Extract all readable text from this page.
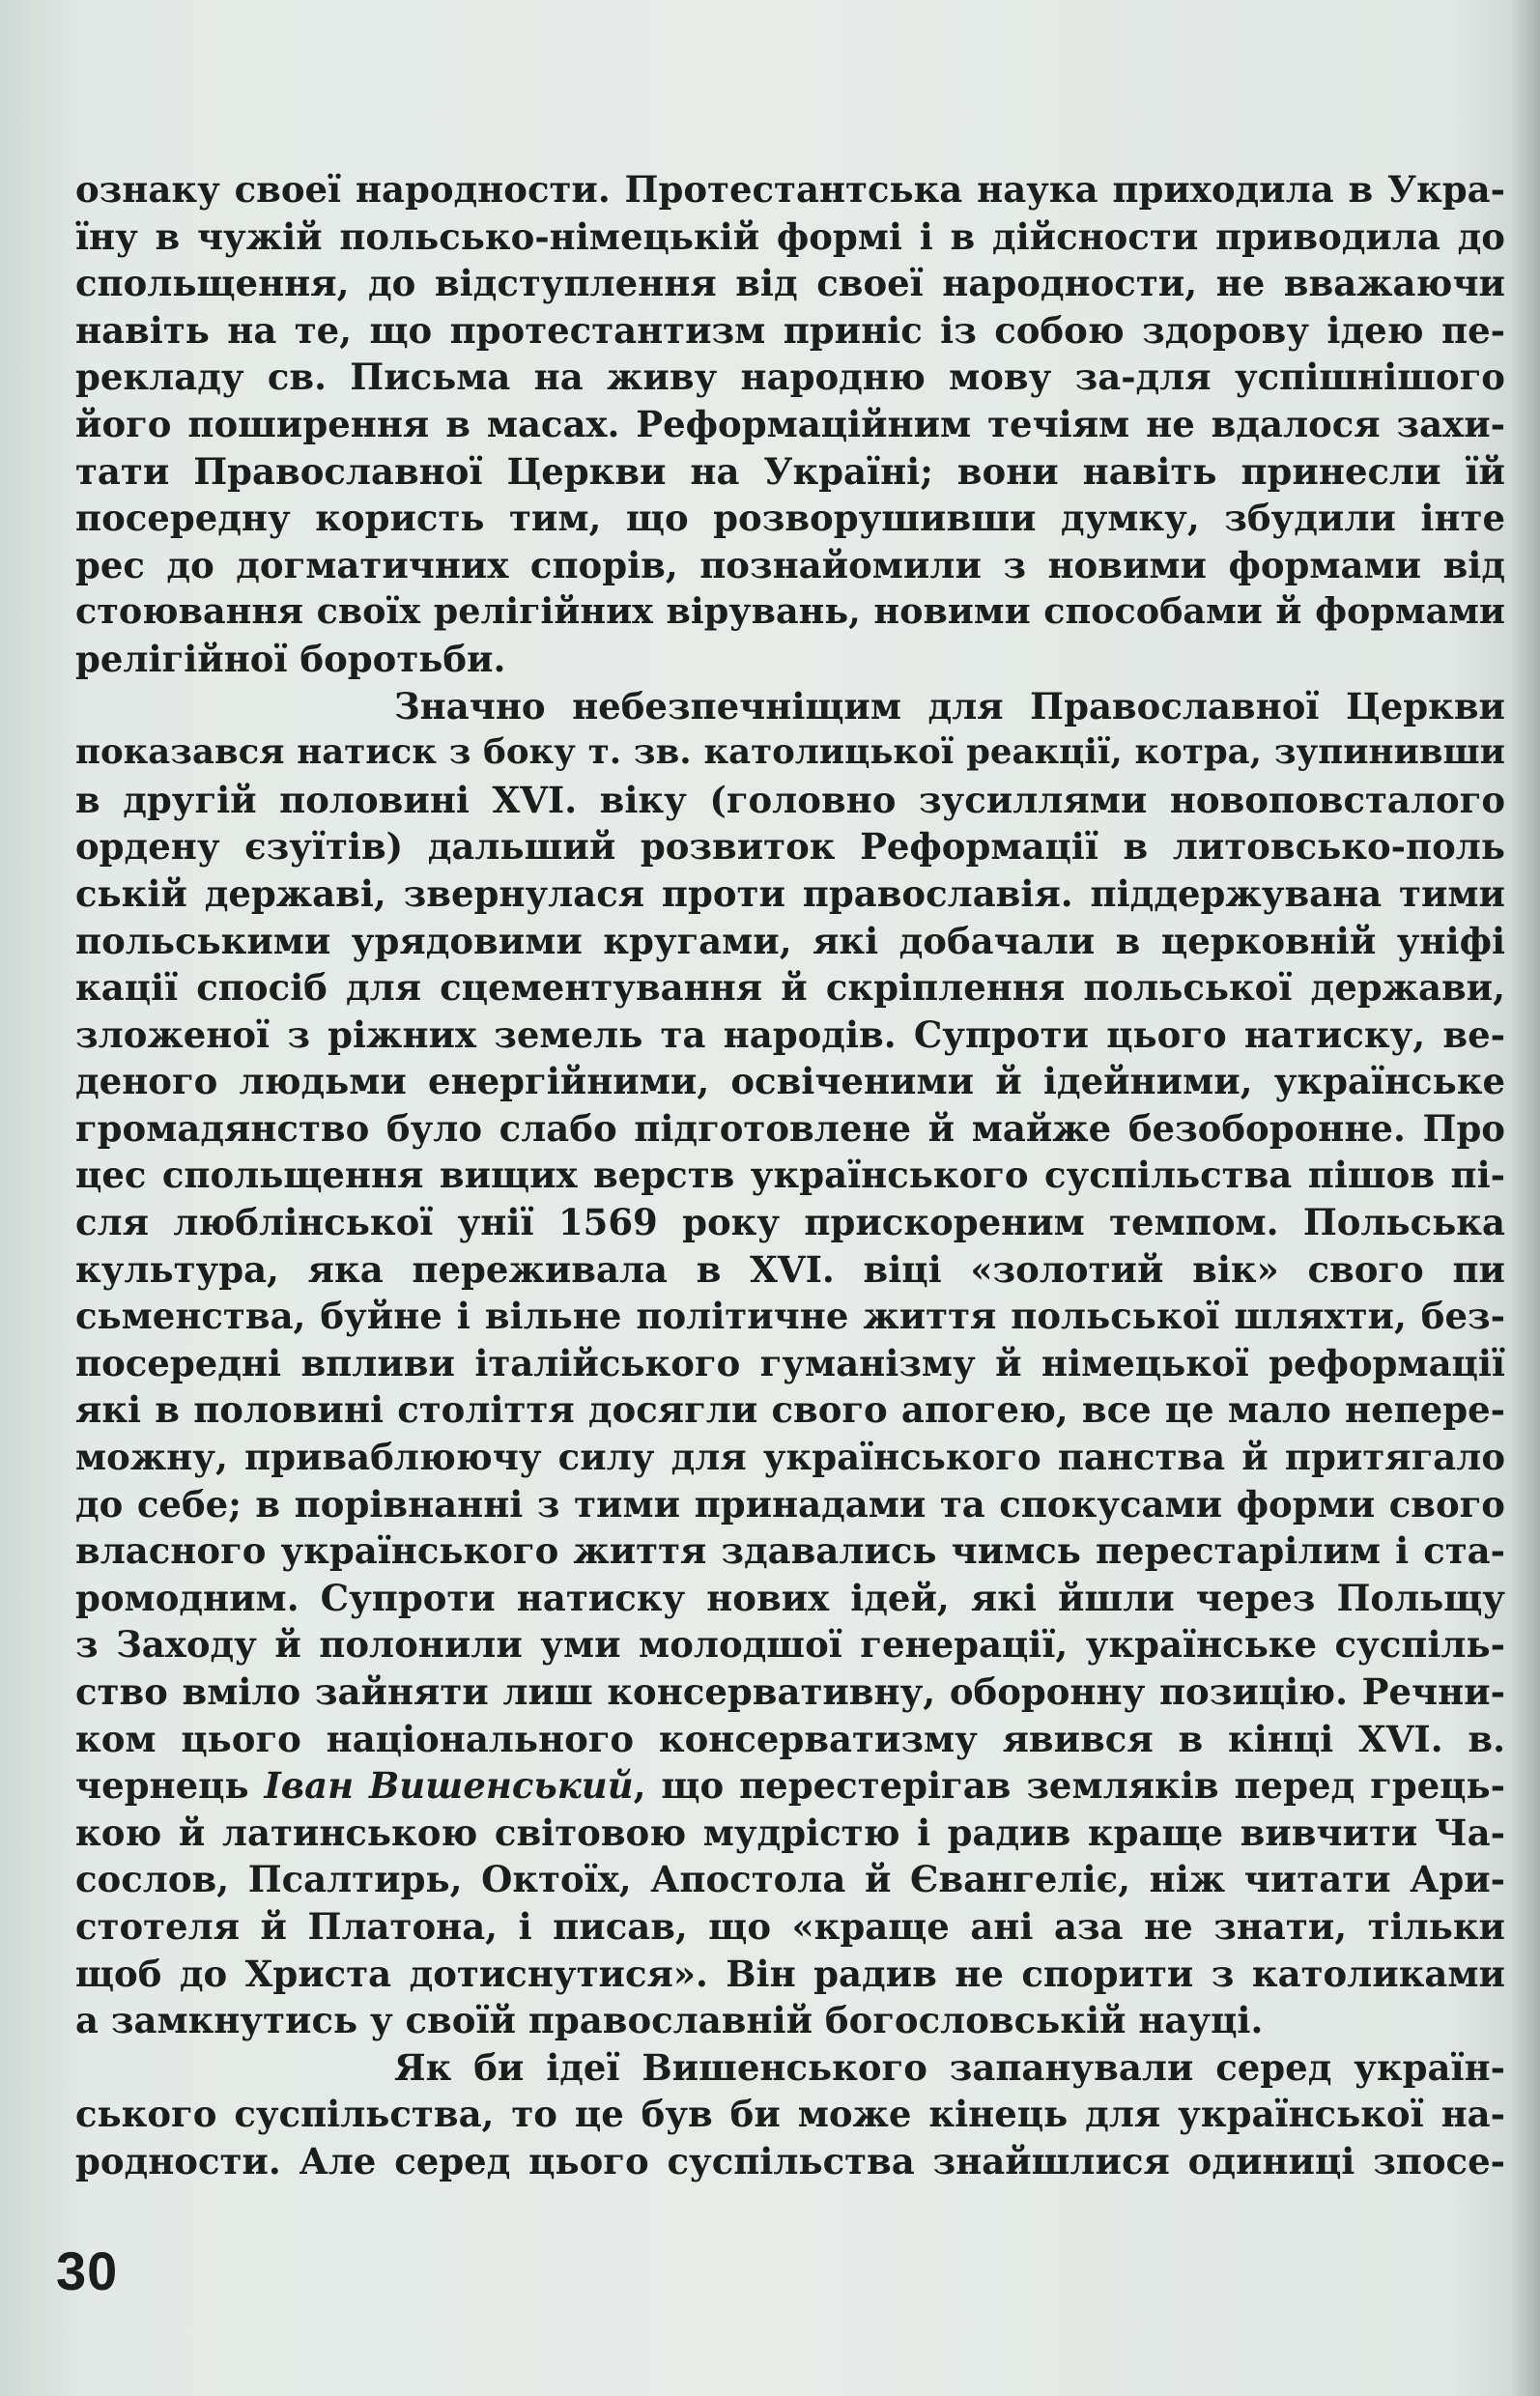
ознаку своеї народности. Протестантська наука приходила в Укра-
їну в чужій польсько-німецькій формі і в дійсности приводила до
спольщення, до відступлення від своеї народности, не вважаючи
навіть на те, що протестантизм приніс із собою здорову ідею пе-
рекладу св. Письма на живу народню мову за-для успішнішого
його поширення в масах. Реформаційним течіям не вдалося захи-
тати Православної Церкви на Україні; вони навіть принесли їй
посередну користь тим, що розворушивши думку, збудили інте
рес до догматичних спорів, познайомили з новими формами від
стоювання своїх релігійних вірувань, новими способами й формами
релігійної боротьби.
Значно небезпечніщим для Православної Церкви
показався натиск з боку т. зв. католицької реакції, котра, зупинивши
в другій половині XVI. віку (головно зусиллями новоповсталого
ордену єзуїтів) дальший розвиток Реформації в литовсько-поль
ській державі, звернулася проти православія. піддержувана тими
польськими урядовими кругами, які добачали в церковній уніфі
кації спосіб для сцементування й скріплення польської держави,
зложеної з ріжних земель та народів. Супроти цього натиску, ве-
деного людьми енергійними, освіченими й ідейними, українське
громадянство було слабо підготовлене й майже безоборонне. Про
цес спольщення вищих верств українського суспільства пішов пі-
сля люблінської унії 1569 року прискореним темпом. Польська
культура, яка переживала в XVI. віці «золотий вік» свого пи
сьменства, буйне і вільне політичне життя польської шляхти, без-
посередні впливи італійського гуманізму й німецької реформації
які в половині століття досягли свого апогею, все це мало непере-
можну, приваблюючу силу для українського панства й притягало
до себе; в порівнанні з тими принадами та спокусами форми свого
власного українського життя здавались чимсь перестарілим і ста-
ромодним. Супроти натиску нових ідей, які йшли через Польщу
з Заходу й полонили уми молодшої генерації, українське суспіль-
ство вміло зайняти лиш консервативну, оборонну позицію. Речни-
ком цього національного консерватизму явився в кінці XVI. в.
чернець Іван Вишенський, що перестерігав земляків перед грець-
кою й латинською світовою мудрістю і радив краще вивчити Ча-
сослов, Псалтирь, Октоїх, Апостола й Євангеліє, ніж читати Ари-
стотеля й Платона, і писав, що «краще ані аза не знати, тільки
щоб до Христа дотиснутися». Він радив не спорити з католиками
а замкнутись у своїй православній богословській науці.
Як би ідеї Вишенського запанували серед україн-
ського суспільства, то це був би може кінець для української на-
родности. Але серед цього суспільства знайшлися одиниці зпосе-
30
